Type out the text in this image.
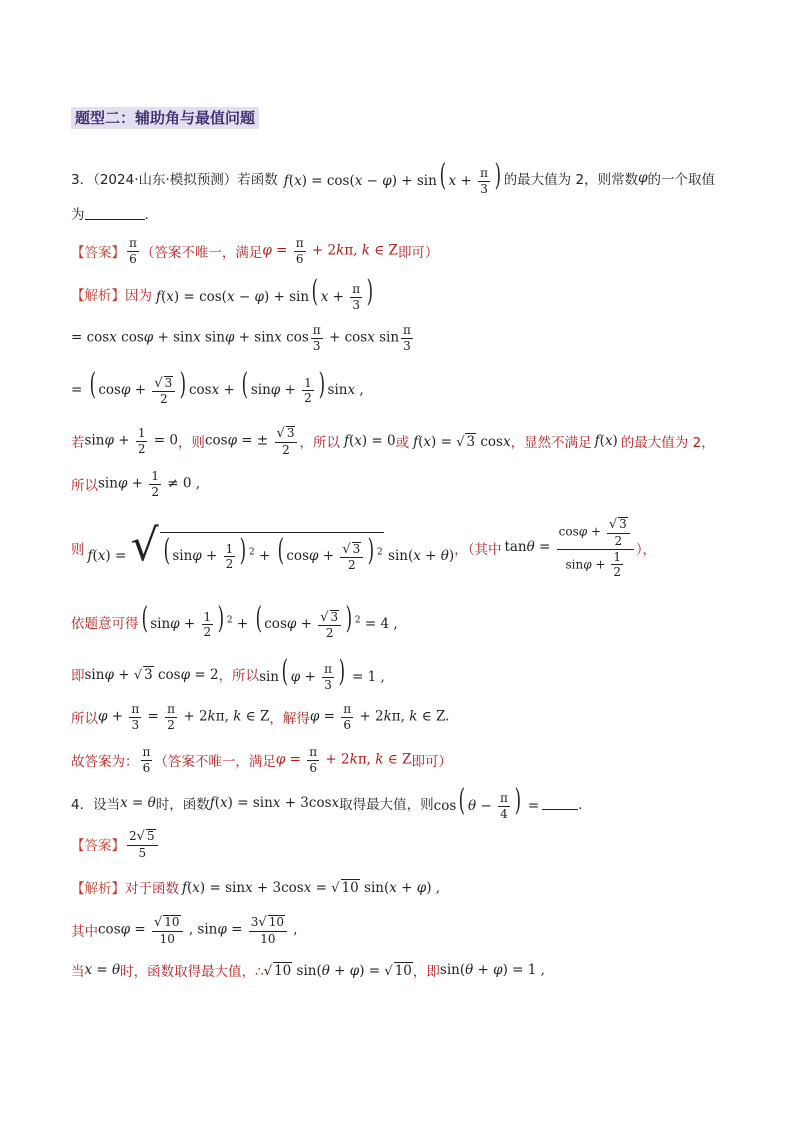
题型二：辅助角与最值问题
3．（2024·山东·模拟预测）若函数 f(x) = cos(x − φ) + sin( $x + \frac{\pi}{3}$ ) 的最大值为 2，则常数 φ 的一个取值
为	．
【答案】
π
6 （答案不唯一，满足 $\varphi = \frac{\pi}{6} + 2k\pi$, k ∈ Z 即可）
【解析】 因为 f(x) = cos(x − φ) + sin( $x + \frac{\pi}{3}$ )
= cosx cosφ + sinx sinφ + sinx $\cos \frac{\pi}{3} + \cos x$ $\sin \frac{\pi}{3}$
= ( $\cos\varphi + \frac{√ 3}{2}$ ) cosx + ( $\sin\varphi + \frac{1}{2}$ ) sinx ,
若 $\sin\varphi + \frac{1}{2} = 0$ ，则 cosφ = ± $\frac{√ 3}{2}$ ，所以 f(x) = 0 或 f(x) = √ 3 cosx ，显然不满足 f(x) 的最大值为 2，
所以 $\sin\varphi + \frac{1}{2} \ne 0$ ,
则 f(x) = √ ( $\sin\varphi + \frac{1}{2}$ ) $^2$ + ( $\cos\varphi + \frac{√ 3}{2}$ ) $^2$ sin(x + θ) ，（其中 $\tan\theta = \frac{\cos\varphi + \frac{√ 3}{2}}{\sin\varphi + \frac{1}{2}}$ ），
依题意可得 ( $\sin\varphi + \frac{1}{2}$ ) $^2$ + ( $\cos\varphi + \frac{√ 3}{2}$ ) $^2$ = 4 ,
即 sinφ + √ 3 cosφ = 2 ，所以 sin( $\varphi + \frac{\pi}{3}$ ) = 1 ,
所以 $\varphi + \frac{\pi}{3} = \frac{\pi}{2} + 2k\pi$, k ∈ Z ，解得 $\varphi = \frac{\pi}{6} + 2k\pi$, k ∈ Z.
故答案为：
π
6 （答案不唯一，满足 $\varphi = \frac{\pi}{6} + 2k\pi$, k ∈ Z 即可）
4．设当 x = θ 时，函数 f(x) = sinx + 3cosx 取得最大值，则 cos( $\theta - \frac{\pi}{4}$ ) =	．
【答案】
2√ 5
5
【解析】 对于函数 f(x) = sinx + 3cosx = √ 10 sin(x + φ) ,
其中 $\cos\varphi = \frac{√ 10}{10}$ , $\sin\varphi = \frac{3√ 10}{10}$ ,
当 x = θ 时，函数取得最大值，∴ √ 10 sin(θ + φ) = √ 10 ，即 sin(θ + φ) = 1 ,
